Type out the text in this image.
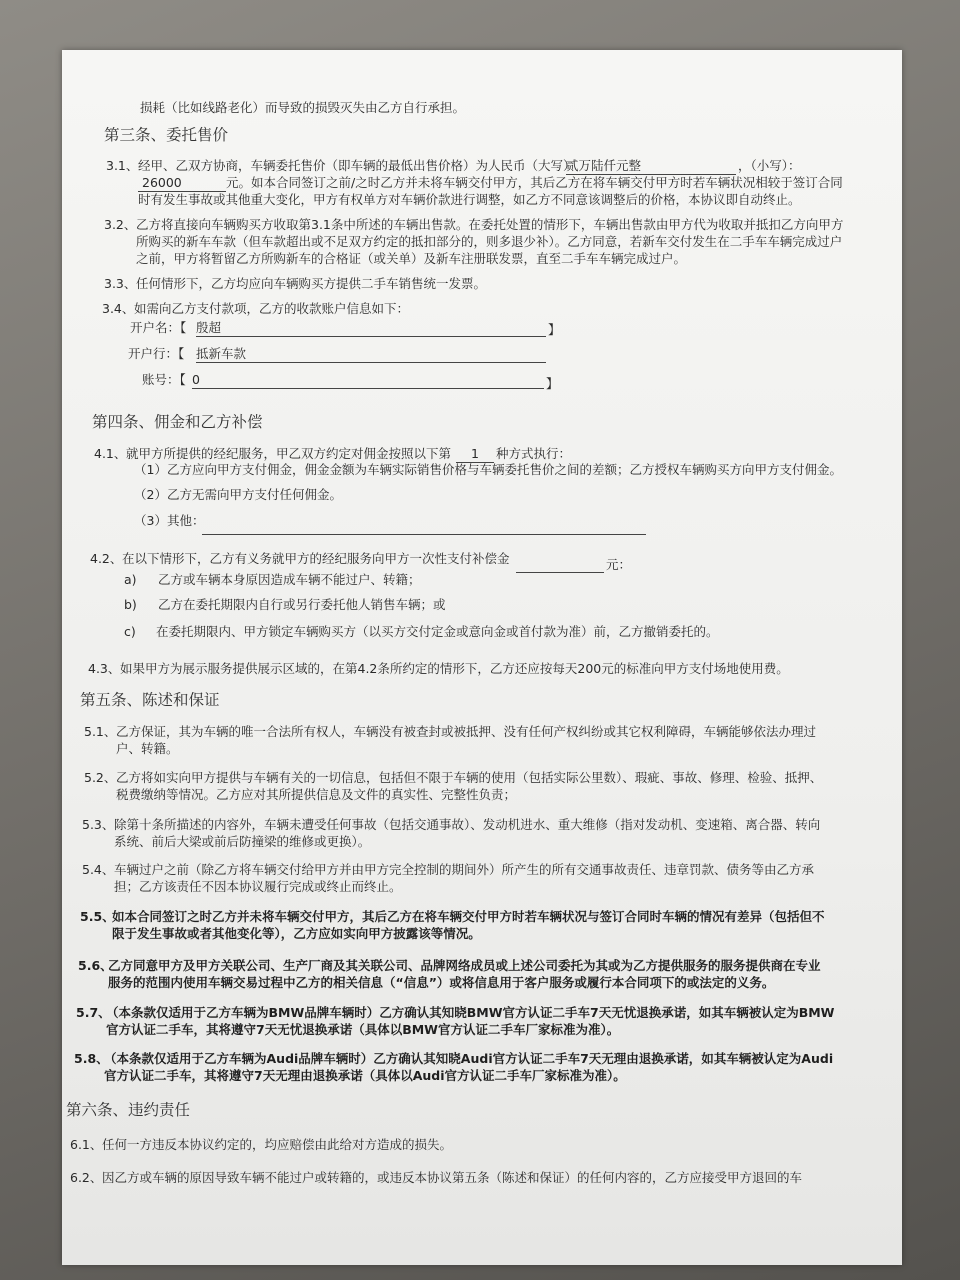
损耗（比如线路老化）而导致的损毁灭失由乙方自行承担。
第三条、委托售价
3.1、 经甲、乙双方协商，车辆委托售价（即车辆的最低出售价格）为人民币（大写）
贰万陆仟元整	，（小写）：
26000	元。如本合同签订之前/之时乙方并未将车辆交付甲方，其后乙方在将车辆交付甲方时若车辆状况相较于签订合同
时有发生事故或其他重大变化，甲方有权单方对车辆价款进行调整，如乙方不同意该调整后的价格，本协议即自动终止。
3.2、 乙方将直接向车辆购买方收取第3.1条中所述的车辆出售款。在委托处置的情形下，车辆出售款由甲方代为收取并抵扣乙方向甲方
所购买的新车车款（但车款超出或不足双方约定的抵扣部分的，则多退少补）。乙方同意，若新车交付发生在二手车车辆完成过户
之前，甲方将暂留乙方所购新车的合格证（或关单）及新车注册联发票，直至二手车车辆完成过户。
3.3、 任何情形下，乙方均应向车辆购买方提供二手车销售统一发票。
3.4、 如需向乙方支付款项，乙方的收款账户信息如下：
开户名：【 殷超	】
开户行：【 抵新车款
账号：【 0	】
第四条、佣金和乙方补偿
4.1、 就甲方所提供的经纪服务，甲乙双方约定对佣金按照以下第	1	种方式执行：
（1）乙方应向甲方支付佣金，佣金金额为车辆实际销售价格与车辆委托售价之间的差额；乙方授权车辆购买方向甲方支付佣金。
（2）乙方无需向甲方支付任何佣金。
（3）其他：
4.2、 在以下情形下，乙方有义务就甲方的经纪服务向甲方一次性支付补偿金	元：
a) 乙方或车辆本身原因造成车辆不能过户、转籍；
b) 乙方在委托期限内自行或另行委托他人销售车辆；或
c) 在委托期限内、甲方锁定车辆购买方（以买方交付定金或意向金或首付款为准）前，乙方撤销委托的。
4.3、 如果甲方为展示服务提供展示区域的，在第4.2条所约定的情形下，乙方还应按每天200元的标准向甲方支付场地使用费。
第五条、陈述和保证
5.1、 乙方保证，其为车辆的唯一合法所有权人，车辆没有被查封或被抵押、没有任何产权纠纷或其它权利障碍，车辆能够依法办理过
户、转籍。
5.2、 乙方将如实向甲方提供与车辆有关的一切信息，包括但不限于车辆的使用（包括实际公里数）、瑕疵、事故、修理、检验、抵押、
税费缴纳等情况。乙方应对其所提供信息及文件的真实性、完整性负责；
5.3、 除第十条所描述的内容外，车辆未遭受任何事故（包括交通事故）、发动机进水、重大维修（指对发动机、变速箱、离合器、转向
系统、前后大梁或前后防撞梁的维修或更换）。
5.4、 车辆过户之前（除乙方将车辆交付给甲方并由甲方完全控制的期间外）所产生的所有交通事故责任、违章罚款、债务等由乙方承
担；乙方该责任不因本协议履行完成或终止而终止。
5.5、
如本合同签订之时乙方并未将车辆交付甲方，其后乙方在将车辆交付甲方时若车辆状况与签订合同时车辆的情况有差异（包括但不
限于发生事故或者其他变化等），乙方应如实向甲方披露该等情况。
5.6、
乙方同意甲方及甲方关联公司、生产厂商及其关联公司、品牌网络成员或上述公司委托为其或为乙方提供服务的服务提供商在专业
服务的范围内使用车辆交易过程中乙方的相关信息（“信息”）或将信息用于客户服务或履行本合同项下的或法定的义务。
5.7、
（本条款仅适用于乙方车辆为BMW品牌车辆时）乙方确认其知晓BMW官方认证二手车7天无忧退换承诺，如其车辆被认定为BMW
官方认证二手车，其将遵守7天无忧退换承诺（具体以BMW官方认证二手车厂家标准为准）。
5.8、
（本条款仅适用于乙方车辆为Audi品牌车辆时）乙方确认其知晓Audi官方认证二手车7天无理由退换承诺，如其车辆被认定为Audi
官方认证二手车，其将遵守7天无理由退换承诺（具体以Audi官方认证二手车厂家标准为准）。
第六条、违约责任
6.1、 任何一方违反本协议约定的，均应赔偿由此给对方造成的损失。
6.2、 因乙方或车辆的原因导致车辆不能过户或转籍的，或违反本协议第五条（陈述和保证）的任何内容的，乙方应接受甲方退回的车
